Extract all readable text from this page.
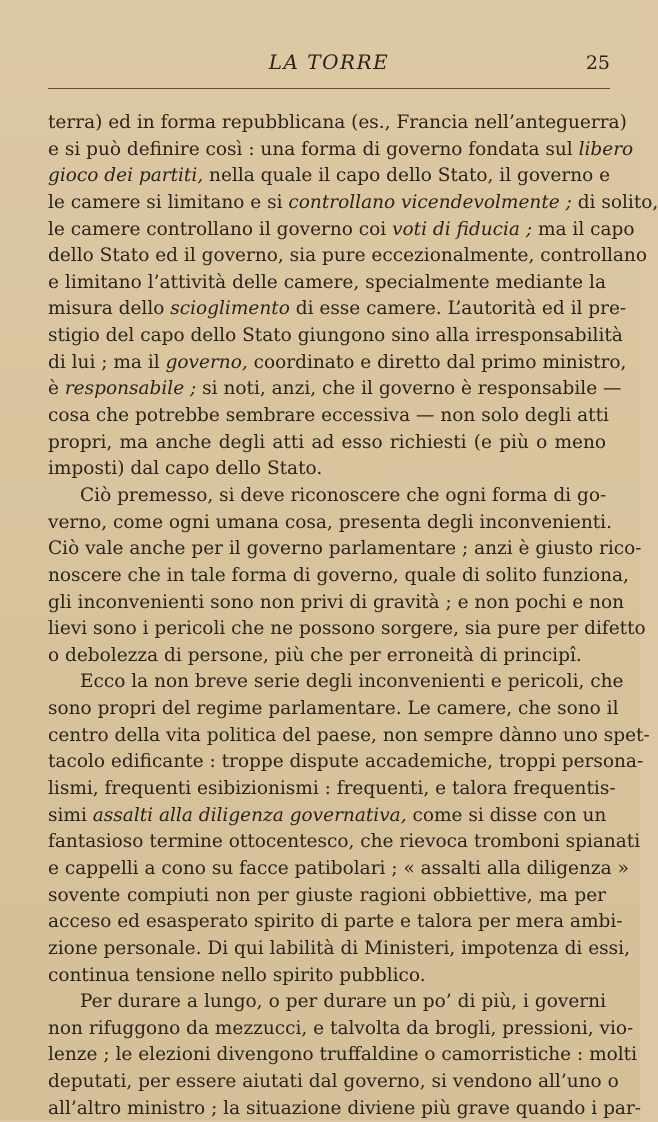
LA TORRE	25
terra) ed in forma repubblicana (es., Francia nell’anteguerra)
e si può definire così : una forma di governo fondata sul libero
gioco dei partiti, nella quale il capo dello Stato, il governo e
le camere si limitano e si controllano vicendevolmente ; di solito,
le camere controllano il governo coi voti di fiducia ; ma il capo
dello Stato ed il governo, sia pure eccezionalmente, controllano
e limitano l’attività delle camere, specialmente mediante la
misura dello scioglimento di esse camere. L’autorità ed il pre-
stigio del capo dello Stato giungono sino alla irresponsabilità
di lui ; ma il governo, coordinato e diretto dal primo ministro,
è responsabile ; si noti, anzi, che il governo è responsabile —
cosa che potrebbe sembrare eccessiva — non solo degli atti
propri, ma anche degli atti ad esso richiesti (e più o meno
imposti) dal capo dello Stato.
Ciò premesso, si deve riconoscere che ogni forma di go-
verno, come ogni umana cosa, presenta degli inconvenienti.
Ciò vale anche per il governo parlamentare ; anzi è giusto rico-
noscere che in tale forma di governo, quale di solito funziona,
gli inconvenienti sono non privi di gravità ; e non pochi e non
lievi sono i pericoli che ne possono sorgere, sia pure per difetto
o debolezza di persone, più che per erroneità di principî.
Ecco la non breve serie degli inconvenienti e pericoli, che
sono propri del regime parlamentare. Le camere, che sono il
centro della vita politica del paese, non sempre dànno uno spet-
tacolo edificante : troppe dispute accademiche, troppi persona-
lismi, frequenti esibizionismi : frequenti, e talora frequentis-
simi assalti alla diligenza governativa, come si disse con un
fantasioso termine ottocentesco, che rievoca tromboni spianati
e cappelli a cono su facce patibolari ; « assalti alla diligenza »
sovente compiuti non per giuste ragioni obbiettive, ma per
acceso ed esasperato spirito di parte e talora per mera ambi-
zione personale. Di qui labilità di Ministeri, impotenza di essi,
continua tensione nello spirito pubblico.
Per durare a lungo, o per durare un po’ di più, i governi
non rifuggono da mezzucci, e talvolta da brogli, pressioni, vio-
lenze ; le elezioni divengono truffaldine o camorristiche : molti
deputati, per essere aiutati dal governo, si vendono all’uno o
all’altro ministro ; la situazione diviene più grave quando i par-
